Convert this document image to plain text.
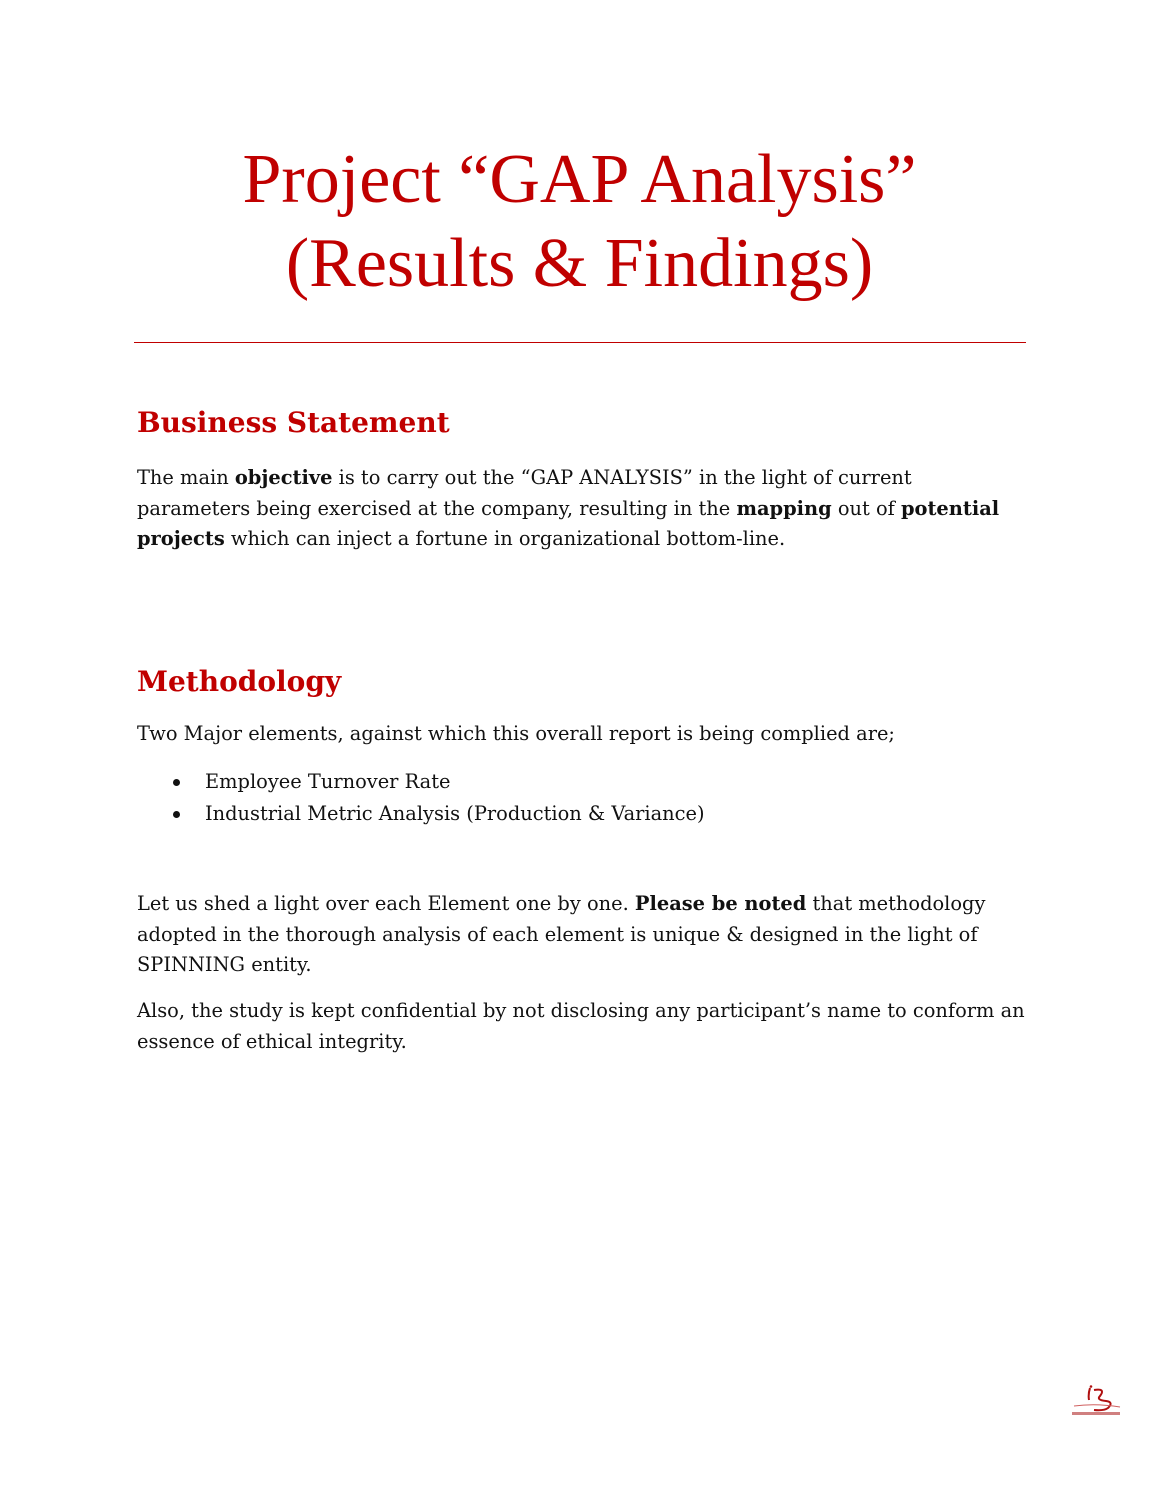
Project “GAP Analysis”
(Results & Findings)
Business Statement

The main objective is to carry out the “GAP ANALYSIS” in the light of current parameters being exercised at the company, resulting in the mapping out of potential projects which can inject a fortune in organizational bottom-line.

Methodology

Two Major elements, against which this overall report is being complied are;

Employee Turnover Rate
Industrial Metric Analysis (Production & Variance)

Let us shed a light over each Element one by one. Please be noted that methodology adopted in the thorough analysis of each element is unique & designed in the light of SPINNING entity.

Also, the study is kept confidential by not disclosing any participant’s name to conform an essence of ethical integrity.
